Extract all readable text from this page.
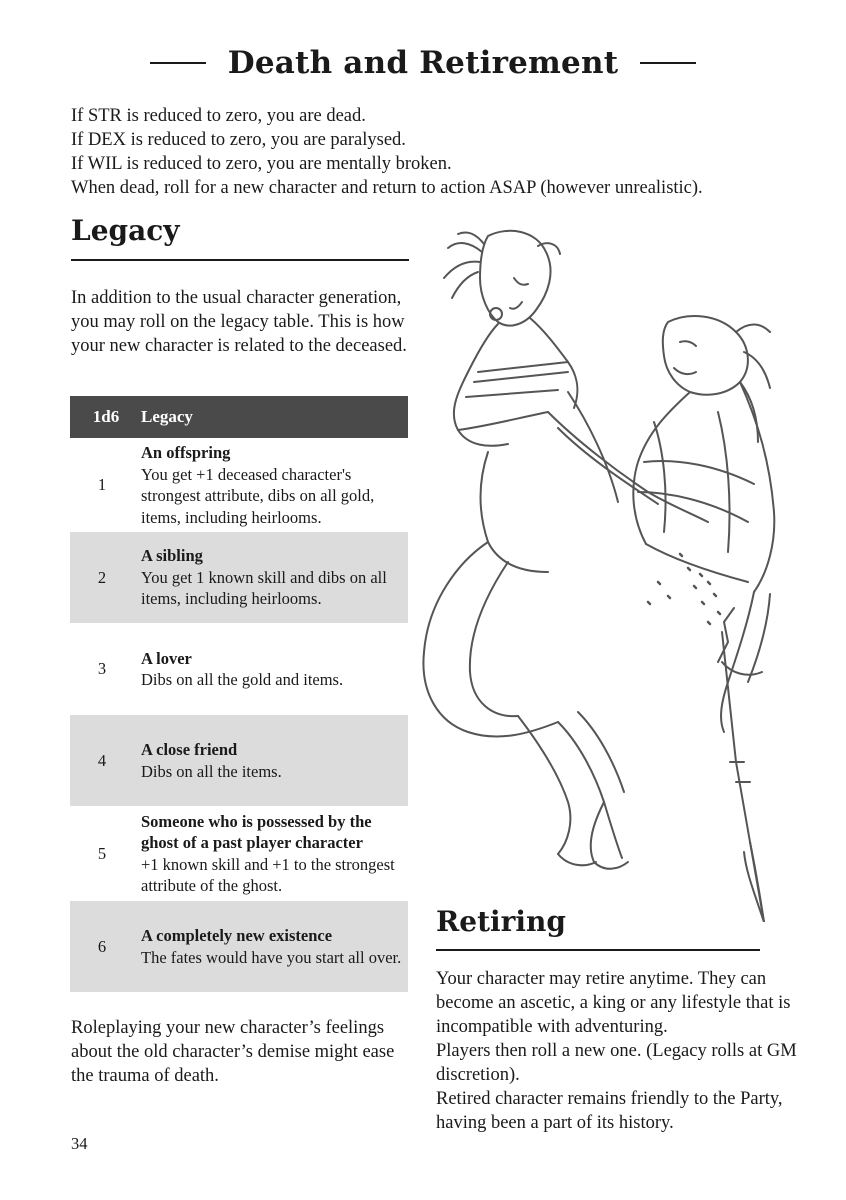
Death and Retirement

If STR is reduced to zero, you are dead.

If DEX is reduced to zero, you are paralysed.

If WIL is reduced to zero, you are mentally broken.

When dead, roll for a new character and return to action ASAP (however unrealistic).

Legacy

In addition to the usual character generation, you may roll on the legacy table. This is how your new character is related to the deceased.

1d6	Legacy
1
An offspring
You get +1 deceased character's strongest attribute, dibs on all gold, items, including heirlooms.
2
A sibling
You get 1 known skill and dibs on all items, including heirlooms.
3
A lover
Dibs on all the gold and items.
4
A close friend
Dibs on all the items.
5
Someone who is possessed by the ghost of a past player character
+1 known skill and +1 to the strongest attribute of the ghost.
6
A completely new existence
The fates would have you start all over.

Roleplaying your new character’s feelings about the old character’s demise might ease the trauma of death.

Retiring

Your character may retire anytime. They can become an ascetic, a king or any lifestyle that is incompatible with adventuring.

Players then roll a new one. (Legacy rolls at GM discretion).

Retired character remains friendly to the Party, having been a part of its history.

34
